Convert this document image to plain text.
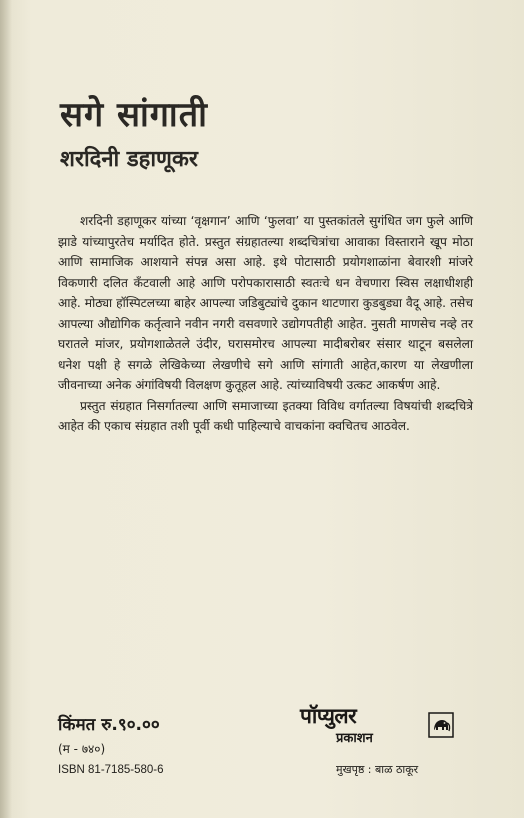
सगे सांगाती
शरदिनी डहाणूकर

शरदिनी डहाणूकर यांच्या ‘वृक्षगान’ आणि ‘फुलवा’ या पुस्तकांतले सुगंधित जग फुले आणि झाडे यांच्यापुरतेच मर्यादित होते. प्रस्तुत संग्रहातल्या शब्दचित्रांचा आवाका विस्ताराने खूप मोठा आणि सामाजिक आशयाने संपन्न असा आहे. इथे पोटासाठी प्रयोगशाळांना बेवारशी मांजरे विकणारी दलित कँटवाली आहे आणि परोपकारासाठी स्वतःचे धन वेचणारा स्विस लक्षाधीशही आहे. मोठ्या हॉस्पिटलच्या बाहेर आपल्या जडिबुट्यांचे दुकान थाटणारा कुडबुड्या वैदू आहे. तसेच आपल्या औद्योगिक कर्तृत्वाने नवीन नगरी वसवणारे उद्योगपतीही आहेत. नुसती माणसेच नव्हे तर घरातले मांजर, प्रयोगशाळेतले उंदीर, घरासमोरच आपल्या मादीबरोबर संसार थाटून बसलेला धनेश पक्षी हे सगळे लेखिकेच्या लेखणीचे सगे आणि सांगाती आहेत,कारण या लेखणीला जीवनाच्या अनेक अंगांविषयी विलक्षण कुतूहल आहे. त्यांच्याविषयी उत्कट आकर्षण आहे.

प्रस्तुत संग्रहात निसर्गातल्या आणि समाजाच्या इतक्या विविध वर्गातल्या विषयांची शब्दचित्रे आहेत की एकाच संग्रहात तशी पूर्वी कधी पाहिल्याचे वाचकांना क्वचितच आठवेल.

किंमत रु.९०.००
(म - ७४०)
ISBN 81-7185-580-6
पॉप्युलर
प्रकाशन
मुखपृष्ठ : बाळ ठाकूर
